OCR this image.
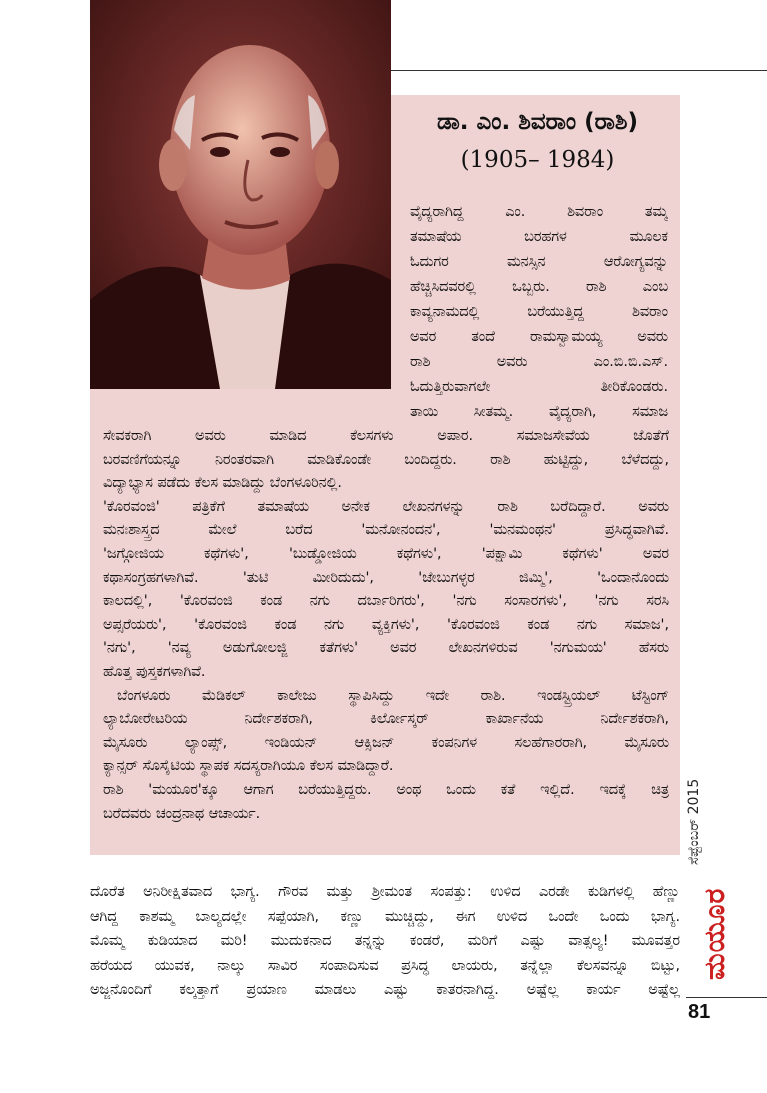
ಡಾ. ಎಂ. ಶಿವರಾಂ (ರಾಶಿ)
(1905– 1984)
ವೈದ್ಯರಾಗಿದ್ದ ಎಂ. ಶಿವರಾಂ ತಮ್ಮ
ತಮಾಷೆಯ ಬರಹಗಳ ಮೂಲಕ
ಓದುಗರ ಮನಸ್ಸಿನ ಆರೋಗ್ಯವನ್ನು
ಹೆಚ್ಚಿಸಿದವರಲ್ಲಿ ಒಬ್ಬರು. ರಾಶಿ ಎಂಬ
ಕಾವ್ಯನಾಮದಲ್ಲಿ ಬರೆಯುತ್ತಿದ್ದ ಶಿವರಾಂ
ಅವರ ತಂದೆ ರಾಮಸ್ವಾಮಯ್ಯ ಅವರು
ರಾಶಿ ಅವರು ಎಂ.ಬಿ.ಬಿ.ಎಸ್.
ಓದುತ್ತಿರುವಾಗಲೇ ತೀರಿಕೊಂಡರು.
ತಾಯಿ ಸೀತಮ್ಮ. ವೈದ್ಯರಾಗಿ, ಸಮಾಜ
ಸೇವಕರಾಗಿ ಅವರು ಮಾಡಿದ ಕೆಲಸಗಳು ಅಪಾರ. ಸಮಾಜಸೇವೆಯ ಜೊತೆಗೆ
ಬರವಣಿಗೆಯನ್ನೂ ನಿರಂತರವಾಗಿ ಮಾಡಿಕೊಂಡೇ ಬಂದಿದ್ದರು. ರಾಶಿ ಹುಟ್ಟಿದ್ದು, ಬೆಳೆದದ್ದು,
ವಿದ್ಯಾಭ್ಯಾಸ ಪಡೆದು ಕೆಲಸ ಮಾಡಿದ್ದು ಬೆಂಗಳೂರಿನಲ್ಲಿ.
'ಕೊರವಂಜಿ' ಪತ್ರಿಕೆಗೆ ತಮಾಷೆಯ ಅನೇಕ ಲೇಖನಗಳನ್ನು ರಾಶಿ ಬರೆದಿದ್ದಾರೆ. ಅವರು
ಮನಃಶಾಸ್ತ್ರದ ಮೇಲೆ ಬರೆದ 'ಮನೋನಂದನ', 'ಮನಮಂಥನ' ಪ್ರಸಿದ್ಧವಾಗಿವೆ.
'ಜಗ್ಗೋಜಿಯ ಕಥೆಗಳು', 'ಬುಡ್ಡೋಜಿಯ ಕಥೆಗಳು', 'ಪಕ್ಷಾಮಿ ಕಥೆಗಳು' ಅವರ
ಕಥಾಸಂಗ್ರಹಗಳಾಗಿವೆ. 'ತುಟಿ ಮೀರಿದುದು', 'ಜೇಬುಗಳ್ಳರ ಜಿಮ್ಮಿ', 'ಒಂದಾನೊಂದು
ಕಾಲದಲ್ಲಿ', 'ಕೊರವಂಜಿ ಕಂಡ ನಗು ದರ್ಬಾರಿಗರು', 'ನಗು ಸಂಸಾರಗಳು', 'ನಗು ಸರಸಿ
ಅಪ್ಸರೆಯರು', 'ಕೊರವಂಜಿ ಕಂಡ ನಗು ವ್ಯಕ್ತಿಗಳು', 'ಕೊರವಂಜಿ ಕಂಡ ನಗು ಸಮಾಜ',
'ನಗು', 'ನವ್ಯ ಅಡುಗೋಲಜ್ಜಿ ಕತೆಗಳು' ಅವರ ಲೇಖನಗಳಿರುವ 'ನಗುಮಯ' ಹೆಸರು
ಹೊತ್ತ ಪುಸ್ತಕಗಳಾಗಿವೆ.
ಬೆಂಗಳೂರು ಮೆಡಿಕಲ್ ಕಾಲೇಜು ಸ್ಥಾಪಿಸಿದ್ದು ಇದೇ ರಾಶಿ. ಇಂಡಸ್ಟ್ರಿಯಲ್ ಟೆಸ್ಟಿಂಗ್
ಲ್ಯಾಬೋರೇಟರಿಯ ನಿರ್ದೇಶಕರಾಗಿ, ಕಿರ್ಲೋಸ್ಕರ್ ಕಾರ್ಖಾನೆಯ ನಿರ್ದೇಶಕರಾಗಿ,
ಮೈಸೂರು ಲ್ಯಾಂಪ್ಸ್, ಇಂಡಿಯನ್ ಆಕ್ಸಿಜನ್ ಕಂಪನಿಗಳ ಸಲಹೆಗಾರರಾಗಿ, ಮೈಸೂರು
ಕ್ಯಾನ್ಸರ್ ಸೊಸೈಟಿಯ ಸ್ಥಾಪಕ ಸದಸ್ಯರಾಗಿಯೂ ಕೆಲಸ ಮಾಡಿದ್ದಾರೆ.
ರಾಶಿ 'ಮಯೂರ'ಕ್ಕೂ ಆಗಾಗ ಬರೆಯುತ್ತಿದ್ದರು. ಅಂಥ ಒಂದು ಕತೆ ಇಲ್ಲಿದೆ. ಇದಕ್ಕೆ ಚಿತ್ರ
ಬರೆದವರು ಚಂದ್ರನಾಥ ಆಚಾರ್ಯ.
ದೊರೆತ ಅನಿರೀಕ್ಷಿತವಾದ ಭಾಗ್ಯ. ಗೌರವ ಮತ್ತು ಶ್ರೀಮಂತ ಸಂಪತ್ತು: ಉಳಿದ ಎರಡೇ ಕುಡಿಗಳಲ್ಲಿ ಹೆಣ್ಣು
ಆಗಿದ್ದ ಕಾಶಮ್ಮ ಬಾಲ್ಯದಲ್ಲೇ ಸಪ್ಪೆಯಾಗಿ, ಕಣ್ಣು ಮುಚ್ಚಿದ್ದು, ಈಗ ಉಳಿದ ಒಂದೇ ಒಂದು ಭಾಗ್ಯ.
ಮೊಮ್ಮ ಕುಡಿಯಾದ ಮರಿ! ಮುದುಕನಾದ ತನ್ನನ್ನು ಕಂಡರೆ, ಮರಿಗೆ ಎಷ್ಟು ವಾತ್ಸಲ್ಯ! ಮೂವತ್ತರ
ಹರೆಯದ ಯುವಕ, ನಾಲ್ಕು ಸಾವಿರ ಸಂಪಾದಿಸುವ ಪ್ರಸಿದ್ಧ ಲಾಯರು, ತನ್ನೆಲ್ಲಾ ಕೆಲಸವನ್ನೂ ಬಿಟ್ಟು,
ಅಜ್ಜನೊಂದಿಗೆ ಕಲ್ಕತ್ತಾಗೆ ಪ್ರಯಾಣ ಮಾಡಲು ಎಷ್ಟು ಕಾತರನಾಗಿದ್ದ. ಅಷ್ಟೆಲ್ಲ ಕಾರ್ಯ ಅಷ್ಟೆಲ್ಲ
ಸೆಪ್ಟೆಂಬರ್ 2015
ಮಯೂರ
81
